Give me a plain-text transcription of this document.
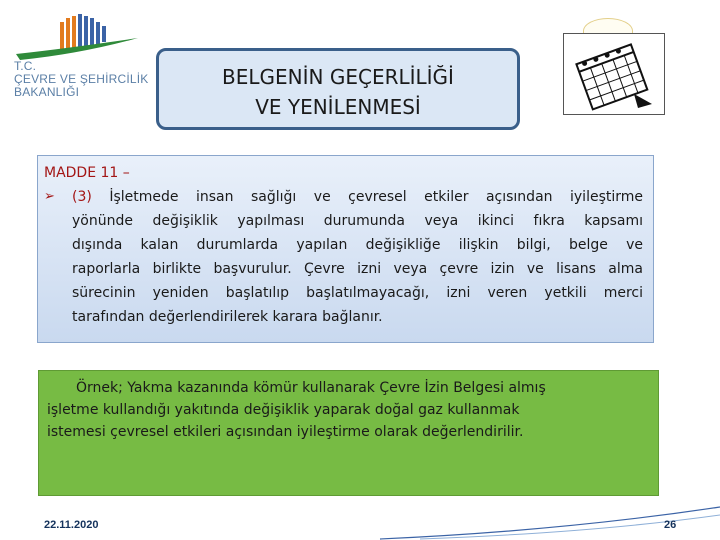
T.C.
ÇEVRE VE ŞEHİRCİLİK
BAKANLIĞI
BELGENİN GEÇERLİLİĞİ
VE YENİLENMESİ
MADDE 11 –
➢ (3) İşletmede insan sağlığı ve çevresel etkiler açısından iyileştirme
yönünde değişiklik yapılması durumunda veya ikinci fıkra kapsamı
dışında kalan durumlarda yapılan değişikliğe ilişkin bilgi, belge ve
raporlarla birlikte başvurulur. Çevre izni veya çevre izin ve lisans alma
sürecinin yeniden başlatılıp başlatılmayacağı, izni veren yetkili merci
tarafından değerlendirilerek karara bağlanır.
Örnek; Yakma kazanında kömür kullanarak Çevre İzin Belgesi almış
işletme kullandığı yakıtında değişiklik yaparak doğal gaz kullanmak
istemesi çevresel etkileri açısından iyileştirme olarak değerlendirilir.
22.11.2020	26
